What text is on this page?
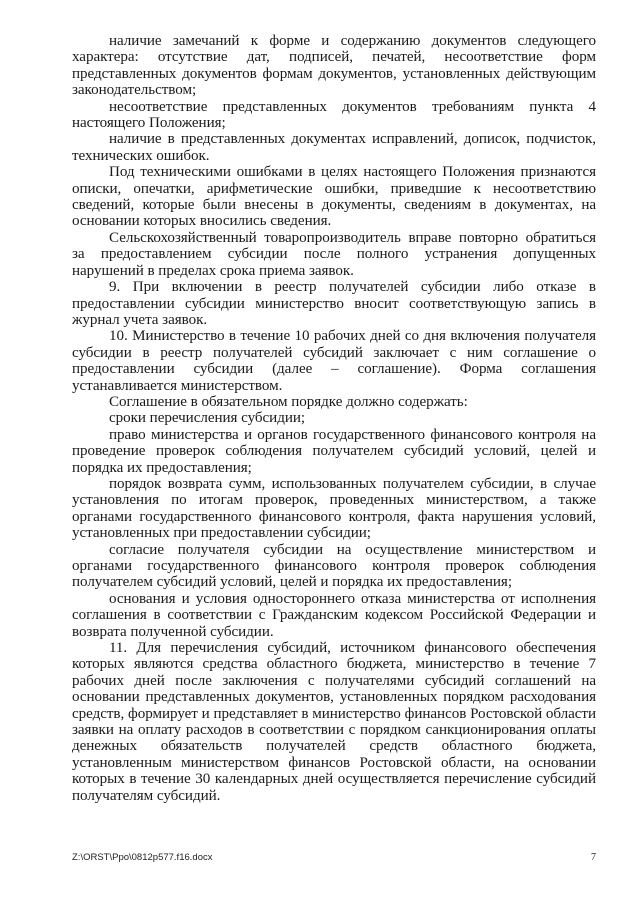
наличие замечаний к форме и содержанию документов следующего характера: отсутствие дат, подписей, печатей, несоответствие форм представленных документов формам документов, установленных действующим законодательством;

несоответствие представленных документов требованиям пункта 4 настоящего Положения;

наличие в представленных документах исправлений, дописок, подчисток, технических ошибок.

Под техническими ошибками в целях настоящего Положения признаются описки, опечатки, арифметические ошибки, приведшие к несоответствию сведений, которые были внесены в документы, сведениям в документах, на основании которых вносились сведения.

Сельскохозяйственный товаропроизводитель вправе повторно обратиться за предоставлением субсидии после полного устранения допущенных нарушений в пределах срока приема заявок.

9. При включении в реестр получателей субсидии либо отказе в предоставлении субсидии министерство вносит соответствующую запись в журнал учета заявок.

10. Министерство в течение 10 рабочих дней со дня включения получателя субсидии в реестр получателей субсидий заключает с ним соглашение о предоставлении субсидии (далее – соглашение). Форма соглашения устанавливается министерством.

Соглашение в обязательном порядке должно содержать:

сроки перечисления субсидии;

право министерства и органов государственного финансового контроля на проведение проверок соблюдения получателем субсидий условий, целей и порядка их предоставления;

порядок возврата сумм, использованных получателем субсидии, в случае установления по итогам проверок, проведенных министерством, а также органами государственного финансового контроля, факта нарушения условий, установленных при предоставлении субсидии;

согласие получателя субсидии на осуществление министерством и органами государственного финансового контроля проверок соблюдения получателем субсидий условий, целей и порядка их предоставления;

основания и условия одностороннего отказа министерства от исполнения соглашения в соответствии с Гражданским кодексом Российской Федерации и возврата полученной субсидии.

11. Для перечисления субсидий, источником финансового обеспечения которых являются средства областного бюджета, министерство в течение 7 рабочих дней после заключения с получателями субсидий соглашений на основании представленных документов, установленных порядком расходования средств, формирует и представляет в министерство финансов Ростовской области заявки на оплату расходов в соответствии с порядком санкционирования оплаты денежных обязательств получателей средств областного бюджета, установленным министерством финансов Ростовской области, на основании которых в течение 30 календарных дней осуществляется перечисление субсидий получателям субсидий.

Z:\ORST\Ppo\0812p577.f16.docx	7
